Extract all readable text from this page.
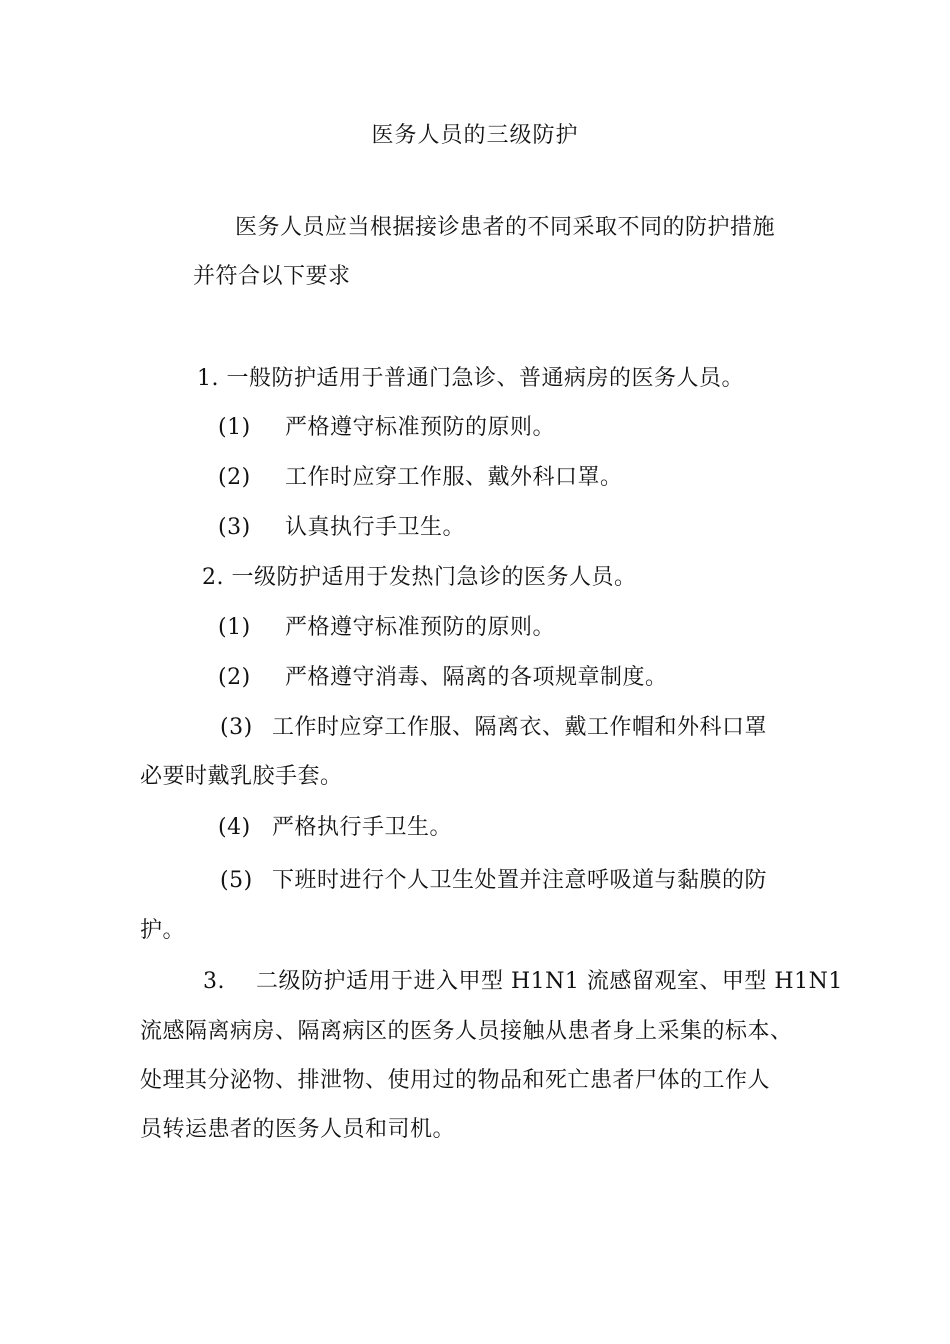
医务人员的三级防护
医务人员应当根据接诊患者的不同采取不同的防护措施
并符合以下要求
1. 一般防护适用于普通门急诊、普通病房的医务人员。
(1) 严格遵守标准预防的原则。
(2) 工作时应穿工作服、戴外科口罩。
(3) 认真执行手卫生。
2. 一级防护适用于发热门急诊的医务人员。
(1) 严格遵守标准预防的原则。
(2) 严格遵守消毒、隔离的各项规章制度。
(3) 工作时应穿工作服、隔离衣、戴工作帽和外科口罩
必要时戴乳胶手套。
(4) 严格执行手卫生。
(5) 下班时进行个人卫生处置并注意呼吸道与黏膜的防
护。
3. 二级防护适用于进入甲型 H1N1 流感留观室、甲型 H1N1
流感隔离病房、隔离病区的医务人员接触从患者身上采集的标本、
处理其分泌物、排泄物、使用过的物品和死亡患者尸体的工作人
员转运患者的医务人员和司机。
